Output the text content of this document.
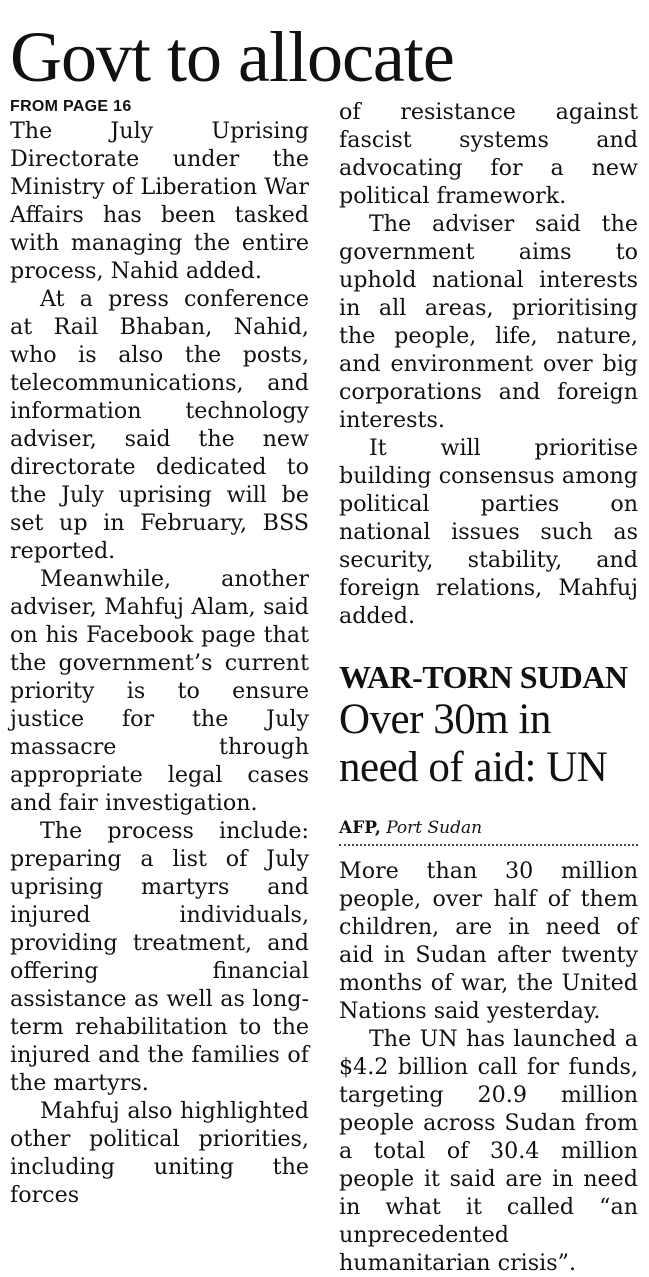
Govt to allocate

FROM PAGE 16

The July Uprising Directorate under the Ministry of Liberation War Affairs has been tasked with managing the entire process, Nahid added.

At a press conference at Rail Bhaban, Nahid, who is also the posts, telecommunications, and information technology adviser, said the new directorate dedicated to the July uprising will be set up in February, BSS reported.

Meanwhile, another adviser, Mahfuj Alam, said on his Facebook page that the government’s current priority is to ensure justice for the July massacre through appropriate legal cases and fair investigation.

The process include: preparing a list of July uprising martyrs and injured individuals, providing treatment, and offering financial assistance as well as long-term rehabilitation to the injured and the families of the martyrs.

Mahfuj also highlighted other political priorities, including uniting the forces

of resistance against fascist systems and advocating for a new political framework.

The adviser said the government aims to uphold national interests in all areas, prioritising the people, life, nature, and environment over big corporations and foreign interests.

It will prioritise building consensus among political parties on national issues such as security, stability, and foreign relations, Mahfuj added.

WAR-TORN SUDAN

Over 30m in need of aid: UN

AFP, Port Sudan

More than 30 million people, over half of them children, are in need of aid in Sudan after twenty months of war, the United Nations said yesterday.

The UN has launched a $4.2 billion call for funds, targeting 20.9 million people across Sudan from a total of 30.4 million people it said are in need in what it called “an unprecedented humanitarian crisis”.
